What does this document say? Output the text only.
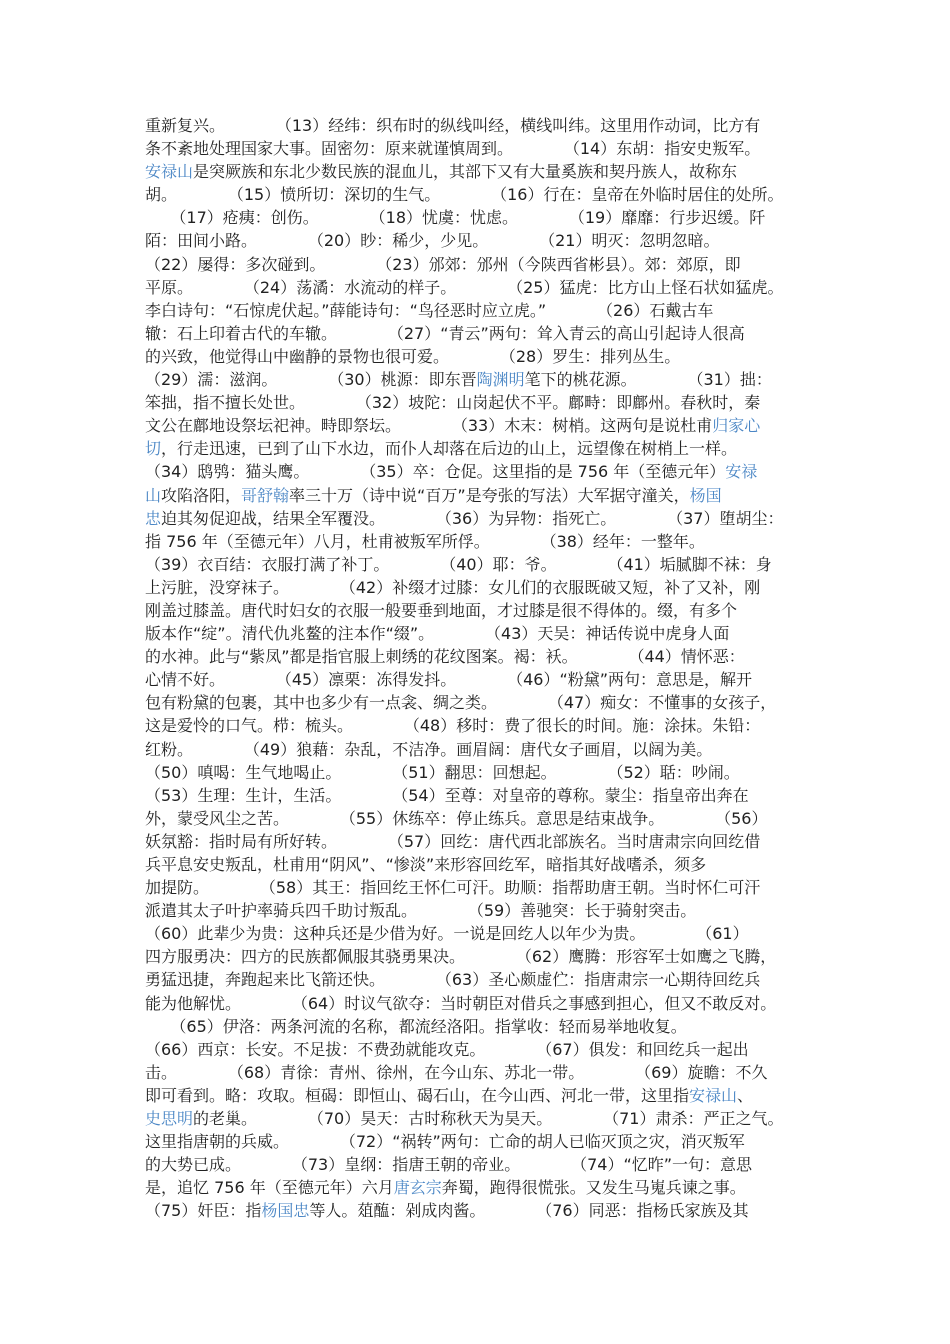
重新复兴。          （13）经纬：织布时的纵线叫经，横线叫纬。这里用作动词，比方有
条不紊地处理国家大事。固密勿：原来就谨慎周到。          （14）东胡：指安史叛军。
安禄山是突厥族和东北少数民族的混血儿，其部下又有大量奚族和契丹族人，故称东
胡。          （15）愤所切：深切的生气。          （16）行在：皇帝在外临时居住的处所。
（17）疮痍：创伤。          （18）忧虞：忧虑。          （19）靡靡：行步迟缓。阡
陌：田间小路。          （20）眇：稀少，少见。          （21）明灭：忽明忽暗。
（22）屡得：多次碰到。          （23）邠郊：邠州（今陕西省彬县）。郊：郊原，即
平原。          （24）荡潏：水流动的样子。          （25）猛虎：比方山上怪石状如猛虎。
李白诗句：“石惊虎伏起。”薛能诗句：“鸟径恶时应立虎。”          （26）石戴古车
辙：石上印着古代的车辙。          （27）“青云”两句：耸入青云的高山引起诗人很高
的兴致，他觉得山中幽静的景物也很可爱。          （28）罗生：排列丛生。
（29）濡：滋润。          （30）桃源：即东晋陶渊明笔下的桃花源。          （31）拙：
笨拙，指不擅长处世。          （32）坡陀：山岗起伏不平。鄜畤：即鄜州。春秋时，秦
文公在鄜地设祭坛祀神。畤即祭坛。          （33）木末：树梢。这两句是说杜甫归家心
切，行走迅速，已到了山下水边，而仆人却落在后边的山上，远望像在树梢上一样。
（34）鸱鸮：猫头鹰。          （35）卒：仓促。这里指的是 756 年（至德元年）安禄
山攻陷洛阳，哥舒翰率三十万（诗中说“百万”是夸张的写法）大军据守潼关，杨国
忠迫其匆促迎战，结果全军覆没。          （36）为异物：指死亡。          （37）堕胡尘：
指 756 年（至德元年）八月，杜甫被叛军所俘。          （38）经年：一整年。
（39）衣百结：衣服打满了补丁。          （40）耶：爷。          （41）垢腻脚不袜：身
上污脏，没穿袜子。          （42）补缀才过膝：女儿们的衣服既破又短，补了又补，刚
刚盖过膝盖。唐代时妇女的衣服一般要垂到地面，才过膝是很不得体的。缀，有多个
版本作“绽”。清代仇兆鳌的注本作“缀”。          （43）天吴：神话传说中虎身人面
的水神。此与“紫凤”都是指官服上刺绣的花纹图案。褐：袄。          （44）情怀恶：
心情不好。          （45）凛栗：冻得发抖。          （46）“粉黛”两句：意思是，解开
包有粉黛的包裹，其中也多少有一点衾、绸之类。          （47）痴女：不懂事的女孩子，
这是爱怜的口气。栉：梳头。          （48）移时：费了很长的时间。施：涂抹。朱铅：
红粉。          （49）狼藉：杂乱，不洁净。画眉阔：唐代女子画眉，以阔为美。
（50）嗔喝：生气地喝止。          （51）翻思：回想起。          （52）聒：吵闹。
（53）生理：生计，生活。          （54）至尊：对皇帝的尊称。蒙尘：指皇帝出奔在
外，蒙受风尘之苦。          （55）休练卒：停止练兵。意思是结束战争。          （56）
妖氛豁：指时局有所好转。          （57）回纥：唐代西北部族名。当时唐肃宗向回纥借
兵平息安史叛乱，杜甫用“阴风”、“惨淡”来形容回纥军，暗指其好战嗜杀，须多
加提防。          （58）其王：指回纥王怀仁可汗。助顺：指帮助唐王朝。当时怀仁可汗
派遣其太子叶护率骑兵四千助讨叛乱。          （59）善驰突：长于骑射突击。
（60）此辈少为贵：这种兵还是少借为好。一说是回纥人以年少为贵。          （61）
四方服勇决：四方的民族都佩服其骁勇果决。          （62）鹰腾：形容军士如鹰之飞腾，
勇猛迅捷，奔跑起来比飞箭还快。          （63）圣心颇虚伫：指唐肃宗一心期待回纥兵
能为他解忧。          （64）时议气欲夺：当时朝臣对借兵之事感到担心，但又不敢反对。
（65）伊洛：两条河流的名称，都流经洛阳。指掌收：轻而易举地收复。
（66）西京：长安。不足拔：不费劲就能攻克。          （67）俱发：和回纥兵一起出
击。          （68）青徐：青州、徐州，在今山东、苏北一带。          （69）旋瞻：不久
即可看到。略：攻取。桓碣：即恒山、碣石山，在今山西、河北一带，这里指安禄山、
史思明的老巢。          （70）昊天：古时称秋天为昊天。          （71）肃杀：严正之气。
这里指唐朝的兵威。          （72）“祸转”两句：亡命的胡人已临灭顶之灾，消灭叛军
的大势已成。          （73）皇纲：指唐王朝的帝业。          （74）“忆昨”一句：意思
是，追忆 756 年（至德元年）六月唐玄宗奔蜀，跑得很慌张。又发生马嵬兵谏之事。
（75）奸臣：指杨国忠等人。葅醢：剁成肉酱。          （76）同恶：指杨氏家族及其
